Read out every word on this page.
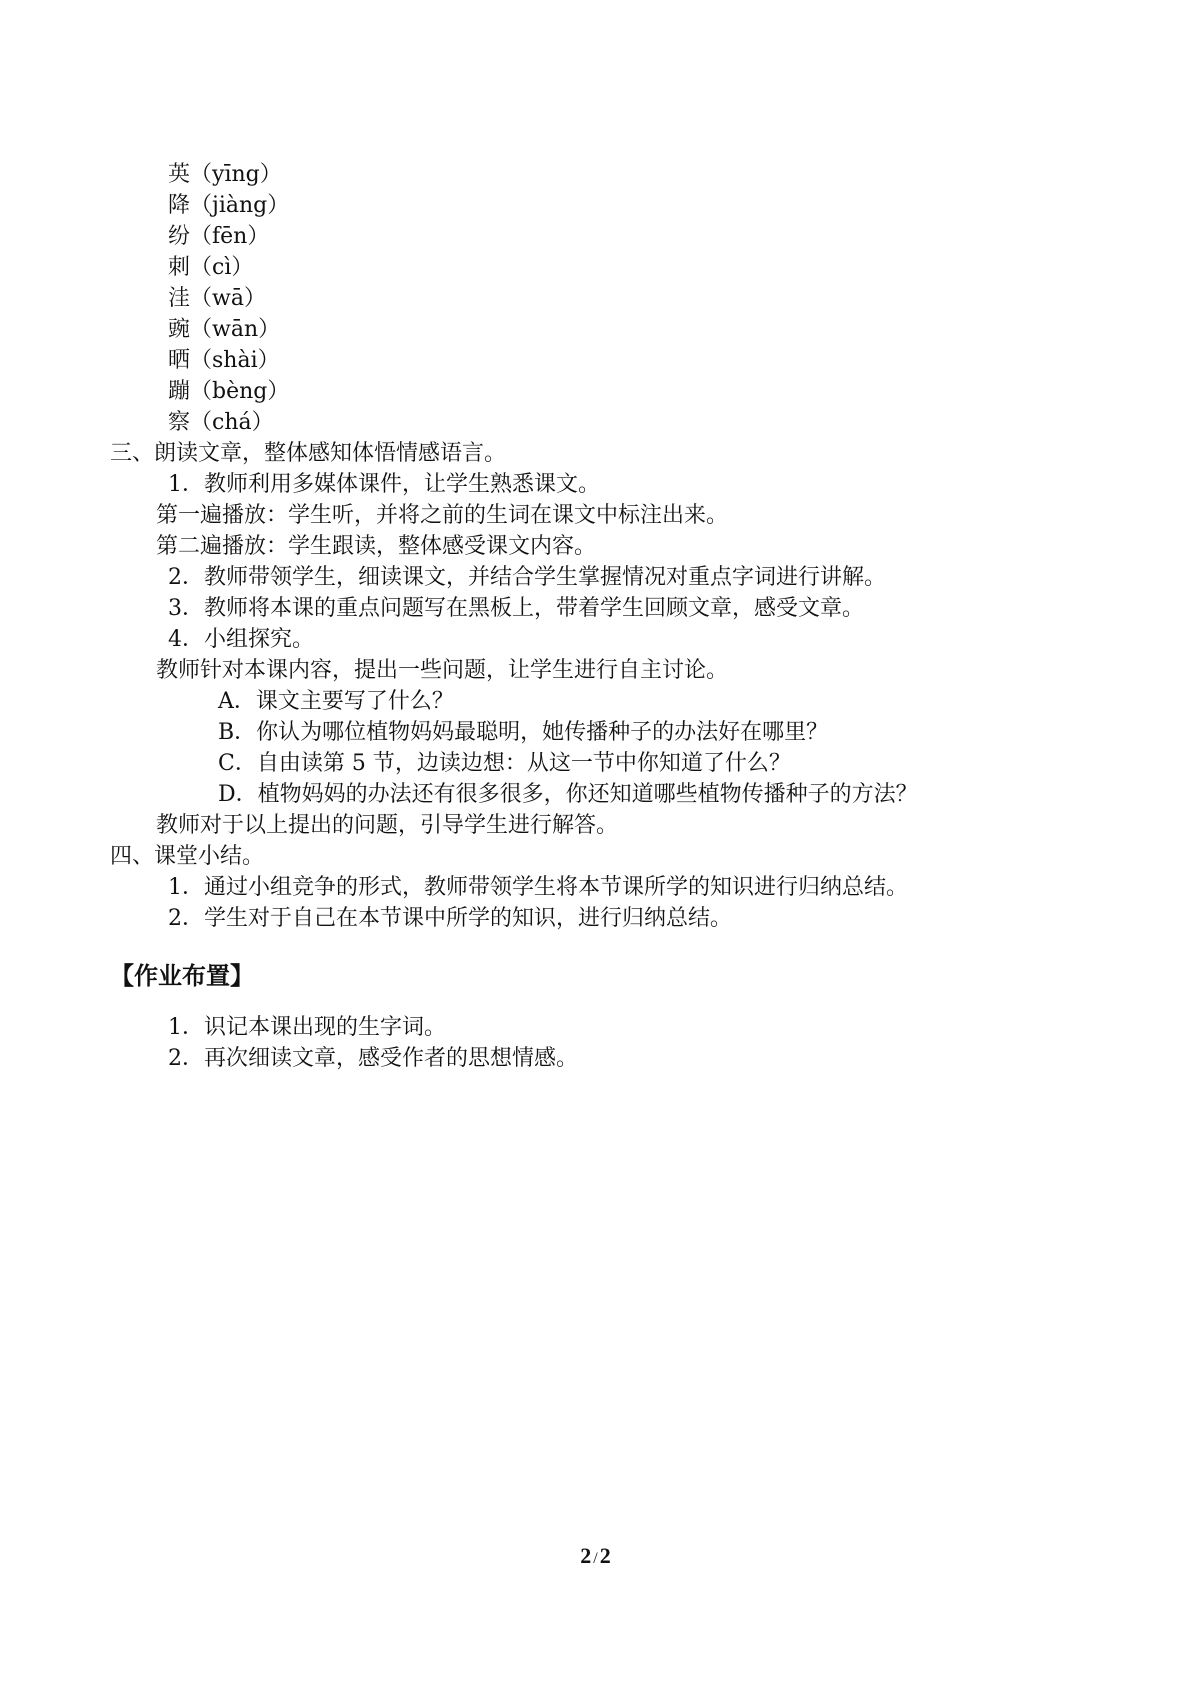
英（yīng）
降（jiàng）
纷（fēn）
刺（cì）
洼（wā）
豌（wān）
晒（shài）
蹦（bèng）
察（chá）
三、朗读文章，整体感知体悟情感语言。
1．教师利用多媒体课件，让学生熟悉课文。
第一遍播放：学生听，并将之前的生词在课文中标注出来。
第二遍播放：学生跟读，整体感受课文内容。
2．教师带领学生，细读课文，并结合学生掌握情况对重点字词进行讲解。
3．教师将本课的重点问题写在黑板上，带着学生回顾文章，感受文章。
4．小组探究。
教师针对本课内容，提出一些问题，让学生进行自主讨论。
A．课文主要写了什么？
B．你认为哪位植物妈妈最聪明，她传播种子的办法好在哪里？
C．自由读第 5 节，边读边想：从这一节中你知道了什么？
D．植物妈妈的办法还有很多很多，你还知道哪些植物传播种子的方法？
教师对于以上提出的问题，引导学生进行解答。
四、课堂小结。
1．通过小组竞争的形式，教师带领学生将本节课所学的知识进行归纳总结。
2．学生对于自己在本节课中所学的知识，进行归纳总结。
【作业布置】
1．识记本课出现的生字词。
2．再次细读文章，感受作者的思想情感。
2 /2
